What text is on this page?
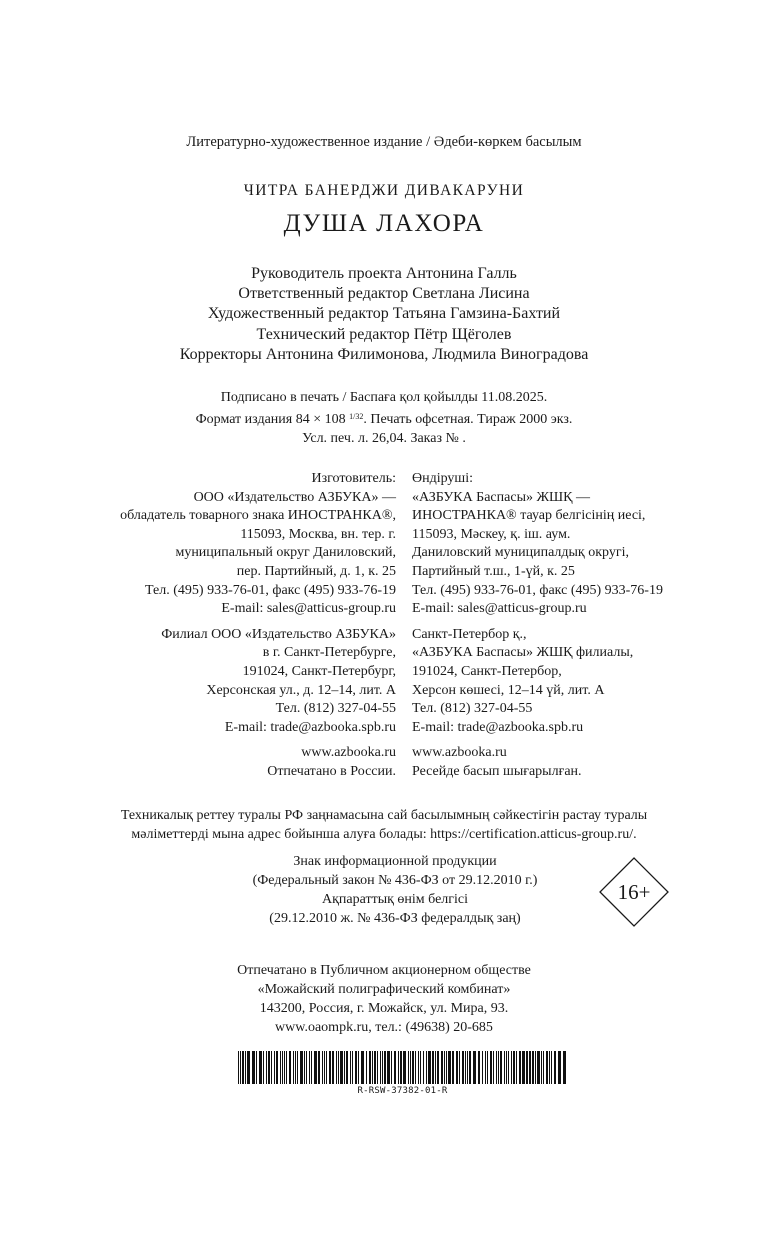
Литературно-художественное издание / Әдеби-көркем басылым
ЧИТРА БАНЕРДЖИ ДИВАКАРУНИ
ДУША ЛАХОРА
Руководитель проекта Антонина Галль
Ответственный редактор Светлана Лисина
Художественный редактор Татьяна Гамзина-Бахтий
Технический редактор Пётр Щёголев
Корректоры Антонина Филимонова, Людмила Виноградова
Подписано в печать / Баспаға қол қойылды 11.08.2025.
Формат издания 84 × 108 $^{1/32}$. Печать офсетная. Тираж 2000 экз.
Усл. печ. л. 26,04. Заказ № .
Изготовитель:
ООО «Издательство АЗБУКА» —
обладатель товарного знака ИНОСТРАНКА®,
115093, Москва, вн. тер. г.
муниципальный округ Даниловский,
пер. Партийный, д. 1, к. 25
Тел. (495) 933-76-01, факс (495) 933-76-19
E-mail: sales@atticus-group.ru
Филиал ООО «Издательство АЗБУКА»
в г. Санкт-Петербурге,
191024, Санкт-Петербург,
Херсонская ул., д. 12–14, лит. А
Тел. (812) 327-04-55
E-mail: trade@azbooka.spb.ru
www.azbooka.ru
Отпечатано в России.
Өндіруші:
«АЗБУКА Баспасы» ЖШҚ —
ИНОСТРАНКА® тауар белгісінің иесі,
115093, Мәскеу, қ. іш. аум.
Даниловский муниципалдық округі,
Партийный т.ш., 1-үй, к. 25
Тел. (495) 933-76-01, факс (495) 933-76-19
E-mail: sales@atticus-group.ru
Санкт-Петербор қ.,
«АЗБУКА Баспасы» ЖШҚ филиалы,
191024, Санкт-Петербор,
Херсон көшесі, 12–14 үй, лит. А
Тел. (812) 327-04-55
E-mail: trade@azbooka.spb.ru
www.azbooka.ru
Ресейде басып шығарылған.
Техникалық реттеу туралы РФ заңнамасына сай басылымның сәйкестігін растау туралы
мәліметтерді мына адрес бойынша алуға болады: https://certification.atticus-group.ru/.
Знак информационной продукции
(Федеральный закон № 436-ФЗ от 29.12.2010 г.)
Ақпараттық өнім белгісі
(29.12.2010 ж. № 436-ФЗ федералдық заң)
16+
Отпечатано в Публичном акционерном обществе
«Можайский полиграфический комбинат»
143200, Россия, г. Можайск, ул. Мира, 93.
www.oaompk.ru, тел.: (49638) 20-685
R-RSW-37382-01-R
